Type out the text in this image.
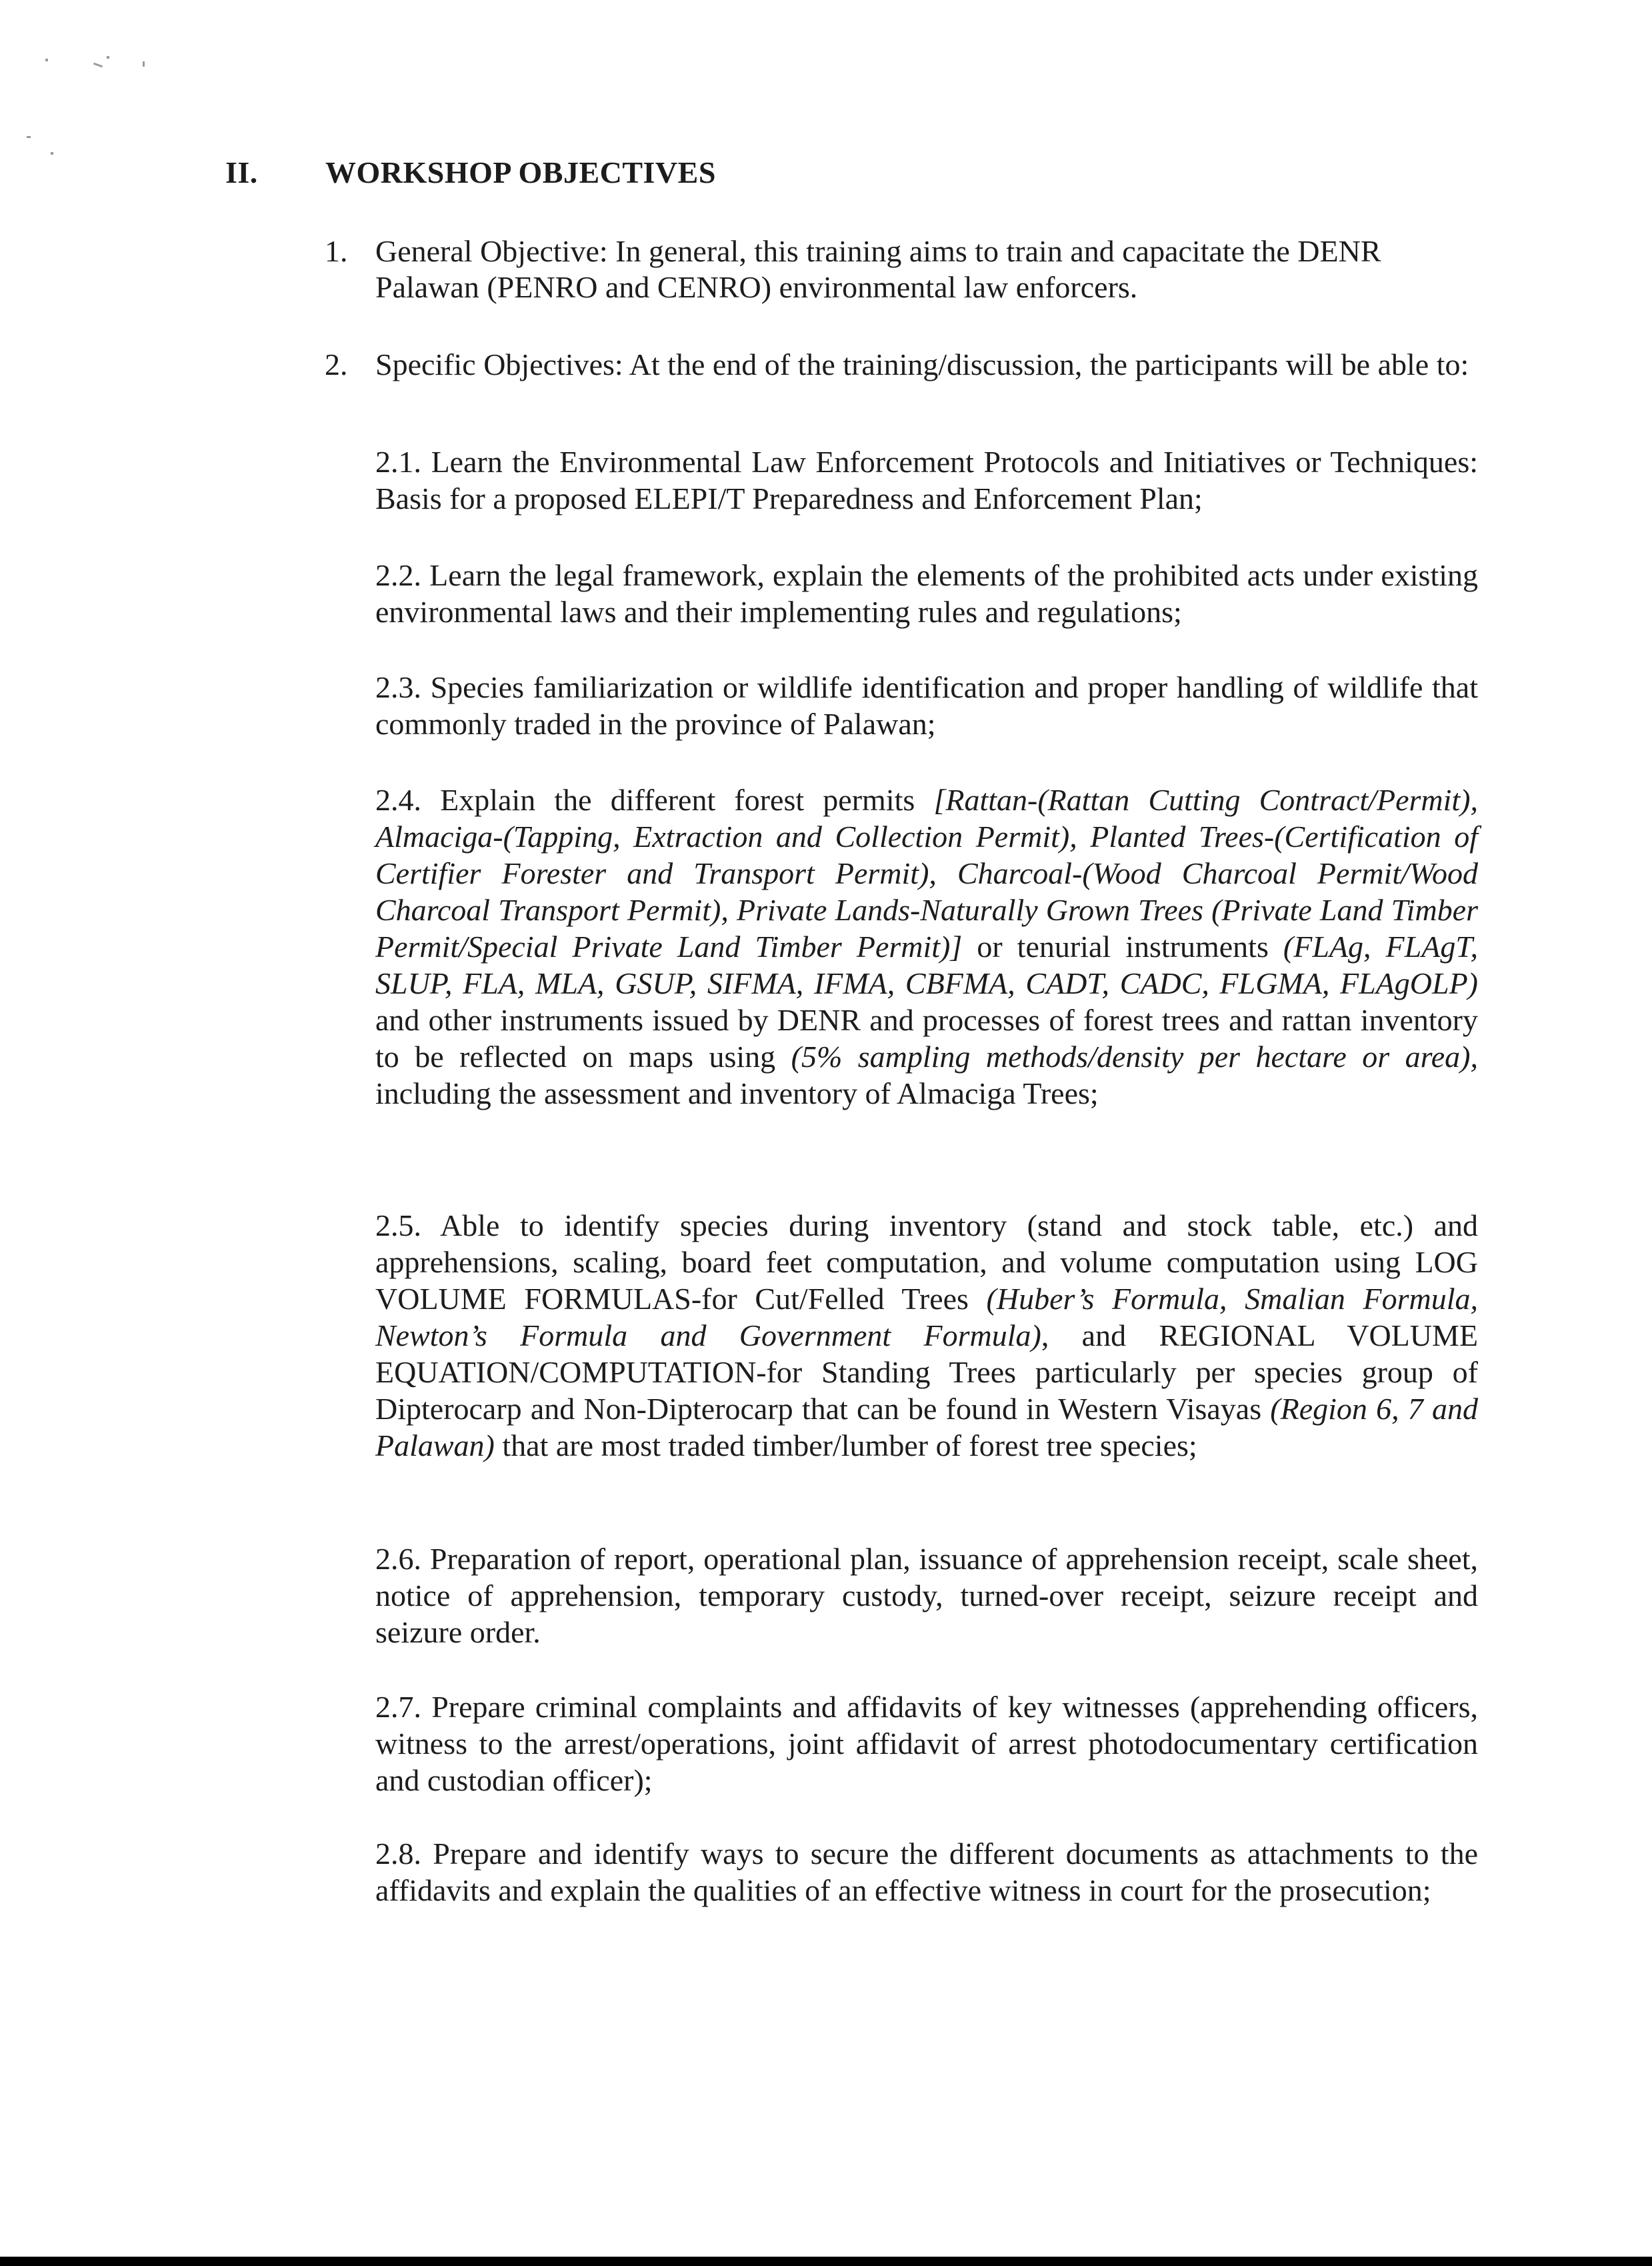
II. WORKSHOP OBJECTIVES
1. General Objective: In general, this training aims to train and capacitate the DENR Palawan (PENRO and CENRO) environmental law enforcers.
2. Specific Objectives: At the end of the training/discussion, the participants will be able to:

2.1. Learn the Environmental Law Enforcement Protocols and Initiatives or Techniques: Basis for a proposed ELEPI/T Preparedness and Enforcement Plan;

2.2. Learn the legal framework, explain the elements of the prohibited acts under existing environmental laws and their implementing rules and regulations;

2.3. Species familiarization or wildlife identification and proper handling of wildlife that commonly traded in the province of Palawan;

2.4. Explain the different forest permits [Rattan-(Rattan Cutting Contract/Permit), Almaciga-(Tapping, Extraction and Collection Permit), Planted Trees-(Certification of Certifier Forester and Transport Permit), Charcoal-(Wood Charcoal Permit/Wood Charcoal Transport Permit), Private Lands-Naturally Grown Trees (Private Land Timber Permit/Special Private Land Timber Permit)] or tenurial instruments (FLAg, FLAgT, SLUP, FLA, MLA, GSUP, SIFMA, IFMA, CBFMA, CADT, CADC, FLGMA, FLAgOLP) and other instruments issued by DENR and processes of forest trees and rattan inventory to be reflected on maps using (5% sampling methods/density per hectare or area), including the assessment and inventory of Almaciga Trees;

2.5. Able to identify species during inventory (stand and stock table, etc.) and apprehensions, scaling, board feet computation, and volume computation using LOG VOLUME FORMULAS-for Cut/Felled Trees (Huber’s Formula, Smalian Formula, Newton’s Formula and Government Formula), and REGIONAL VOLUME EQUATION/COMPUTATION-for Standing Trees particularly per species group of Dipterocarp and Non-Dipterocarp that can be found in Western Visayas (Region 6, 7 and Palawan) that are most traded timber/lumber of forest tree species;

2.6. Preparation of report, operational plan, issuance of apprehension receipt, scale sheet, notice of apprehension, temporary custody, turned-over receipt, seizure receipt and seizure order.

2.7. Prepare criminal complaints and affidavits of key witnesses (apprehending officers, witness to the arrest/operations, joint affidavit of arrest photodocumentary certification and custodian officer);

2.8. Prepare and identify ways to secure the different documents as attachments to the affidavits and explain the qualities of an effective witness in court for the prosecution;
